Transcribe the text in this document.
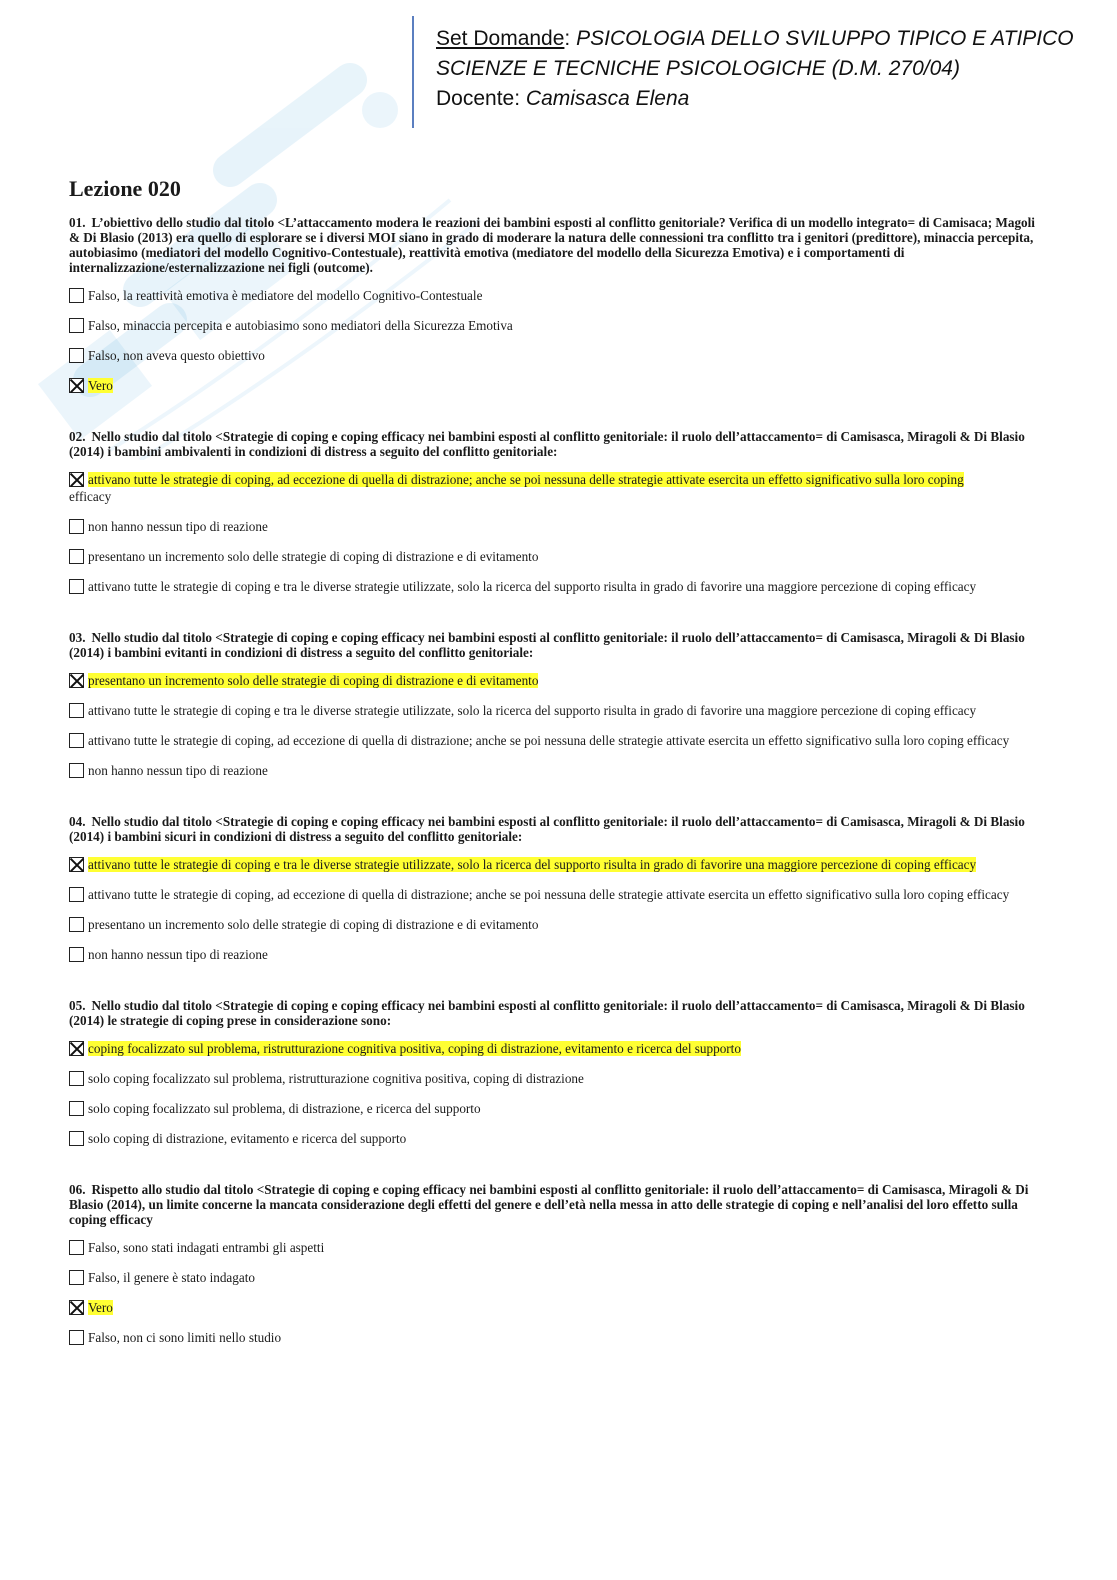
Set Domande: PSICOLOGIA DELLO SVILUPPO TIPICO E ATIPICO
SCIENZE E TECNICHE PSICOLOGICHE (D.M. 270/04)
Docente: Camisasca Elena
Lezione 020
01. L’obiettivo dello studio dal titolo <L’attaccamento modera le reazioni dei bambini esposti al conflitto genitoriale? Verifica di un modello integrato= di Camisaca; Magoli & Di Blasio (2013) era quello di esplorare se i diversi MOI siano in grado di moderare la natura delle connessioni tra conflitto tra i genitori (predittore), minaccia percepita, autobiasimo (mediatori del modello Cognitivo-Contestuale), reattività emotiva (mediatore del modello della Sicurezza Emotiva) e i comportamenti di internalizzazione/esternalizzazione nei figli (outcome).
Falso, la reattività emotiva è mediatore del modello Cognitivo-Contestuale
Falso, minaccia percepita e autobiasimo sono mediatori della Sicurezza Emotiva
Falso, non aveva questo obiettivo
Vero
02. Nello studio dal titolo <Strategie di coping e coping efficacy nei bambini esposti al conflitto genitoriale: il ruolo dell’attaccamento= di Camisasca, Miragoli & Di Blasio (2014) i bambini ambivalenti in condizioni di distress a seguito del conflitto genitoriale:
attivano tutte le strategie di coping, ad eccezione di quella di distrazione; anche se poi nessuna delle strategie attivate esercita un effetto significativo sulla loro coping
efficacy
non hanno nessun tipo di reazione
presentano un incremento solo delle strategie di coping di distrazione e di evitamento
attivano tutte le strategie di coping e tra le diverse strategie utilizzate, solo la ricerca del supporto risulta in grado di favorire una maggiore percezione di coping efficacy
03. Nello studio dal titolo <Strategie di coping e coping efficacy nei bambini esposti al conflitto genitoriale: il ruolo dell’attaccamento= di Camisasca, Miragoli & Di Blasio (2014) i bambini evitanti in condizioni di distress a seguito del conflitto genitoriale:
presentano un incremento solo delle strategie di coping di distrazione e di evitamento
attivano tutte le strategie di coping e tra le diverse strategie utilizzate, solo la ricerca del supporto risulta in grado di favorire una maggiore percezione di coping efficacy
attivano tutte le strategie di coping, ad eccezione di quella di distrazione; anche se poi nessuna delle strategie attivate esercita un effetto significativo sulla loro coping efficacy
non hanno nessun tipo di reazione
04. Nello studio dal titolo <Strategie di coping e coping efficacy nei bambini esposti al conflitto genitoriale: il ruolo dell’attaccamento= di Camisasca, Miragoli & Di Blasio (2014) i bambini sicuri in condizioni di distress a seguito del conflitto genitoriale:
attivano tutte le strategie di coping e tra le diverse strategie utilizzate, solo la ricerca del supporto risulta in grado di favorire una maggiore percezione di coping efficacy
attivano tutte le strategie di coping, ad eccezione di quella di distrazione; anche se poi nessuna delle strategie attivate esercita un effetto significativo sulla loro coping efficacy
presentano un incremento solo delle strategie di coping di distrazione e di evitamento
non hanno nessun tipo di reazione
05. Nello studio dal titolo <Strategie di coping e coping efficacy nei bambini esposti al conflitto genitoriale: il ruolo dell’attaccamento= di Camisasca, Miragoli & Di Blasio (2014) le strategie di coping prese in considerazione sono:
coping focalizzato sul problema, ristrutturazione cognitiva positiva, coping di distrazione, evitamento e ricerca del supporto
solo coping focalizzato sul problema, ristrutturazione cognitiva positiva, coping di distrazione
solo coping focalizzato sul problema, di distrazione, e ricerca del supporto
solo coping di distrazione, evitamento e ricerca del supporto
06. Rispetto allo studio dal titolo <Strategie di coping e coping efficacy nei bambini esposti al conflitto genitoriale: il ruolo dell’attaccamento= di Camisasca, Miragoli & Di Blasio (2014), un limite concerne la mancata considerazione degli effetti del genere e dell’età nella messa in atto delle strategie di coping e nell’analisi del loro effetto sulla coping efficacy
Falso, sono stati indagati entrambi gli aspetti
Falso, il genere è stato indagato
Vero
Falso, non ci sono limiti nello studio
